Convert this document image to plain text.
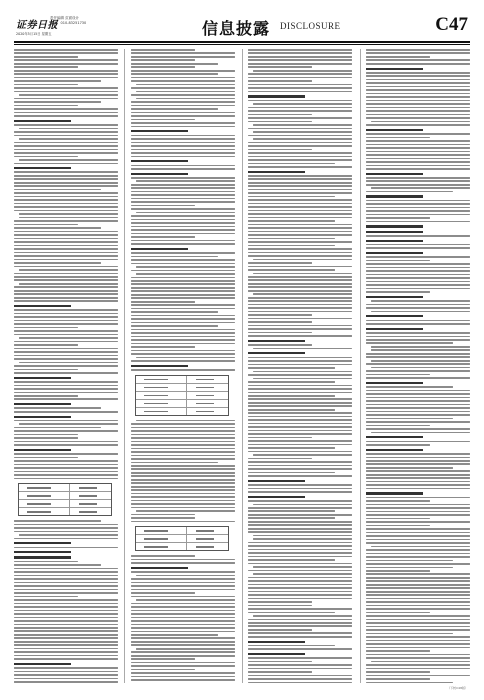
证券日报
责任编辑 页面设计
电话：010-83251730
2020年5月15日 星期五	信息披露 DISCLOSURE	C47
（下转C48版）
